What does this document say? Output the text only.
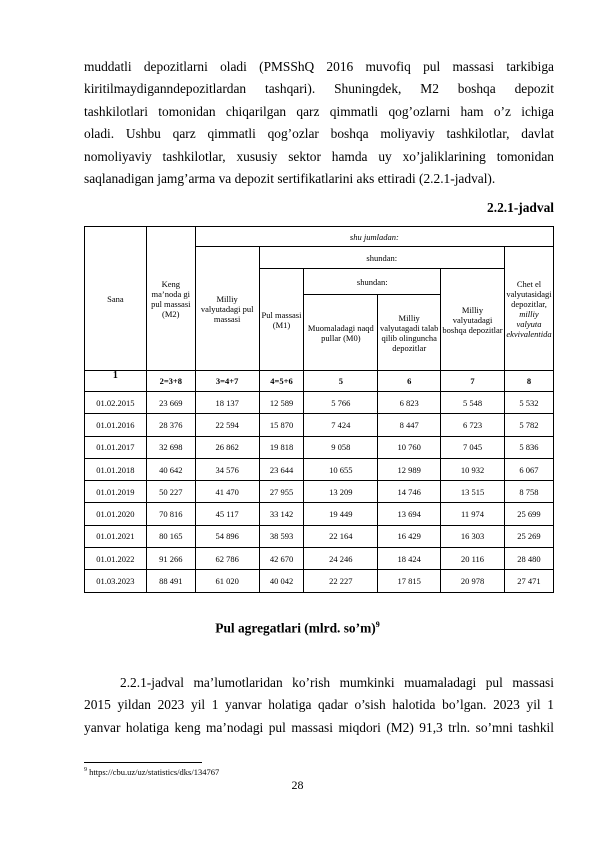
muddatli depozitlarni oladi (PMSShQ 2016 muvofiq pul massasi tarkibiga
kiritilmaydiganndepozitlardan tashqari). Shuningdek, M2 boshqa depozit
tashkilotlari tomonidan chiqarilgan qarz qimmatli qog’ozlarni ham o’z ichiga
oladi. Ushbu qarz qimmatli qog’ozlar boshqa moliyaviy tashkilotlar, davlat
nomoliyaviy tashkilotlar, xususiy sektor hamda uy xo’jaliklarining tomonidan
saqlanadigan jamg’arma va depozit sertifikatlarini aks ettiradi (2.2.1-jadval).
2.2.1-jadval
Sana	Keng ma’noda gi pul massasi (M2)	shu jumladan:					
		Milliy valyutadagi pul massasi	shundan:				Chet el valyutasidagi depozitlar, milliy valyuta ekvivalentida
			Pul massasi (M1)	shundan:		Milliy valyutadagi boshqa depozitlar	
				Muomaladagi naqd pullar (M0)	Milliy valyutagadi talab qilib olinguncha depozitlar		
1	2=3+8	3=4+7	4=5+6	5	6	7	8
01.02.2015	23 669	18 137	12 589	5 766	6 823	5 548	5 532
01.01.2016	28 376	22 594	15 870	7 424	8 447	6 723	5 782
01.01.2017	32 698	26 862	19 818	9 058	10 760	7 045	5 836
01.01.2018	40 642	34 576	23 644	10 655	12 989	10 932	6 067
01.01.2019	50 227	41 470	27 955	13 209	14 746	13 515	8 758
01.01.2020	70 816	45 117	33 142	19 449	13 694	11 974	25 699
01.01.2021	80 165	54 896	38 593	22 164	16 429	16 303	25 269
01.01.2022	91 266	62 786	42 670	24 246	18 424	20 116	28 480
01.03.2023	88 491	61 020	40 042	22 227	17 815	20 978	27 471
Pul agregatlari (mlrd. so’m)$^9$
2.2.1-jadval ma’lumotlaridan ko’rish mumkinki muamaladagi pul massasi
2015 yildan 2023 yil 1 yanvar holatiga qadar o’sish halotida bo’lgan. 2023 yil 1
yanvar holatiga keng ma’nodagi pul massasi miqdori (M2) 91,3 trln. so’mni tashkil
$^9$ https://cbu.uz/uz/statistics/dks/134767
28
